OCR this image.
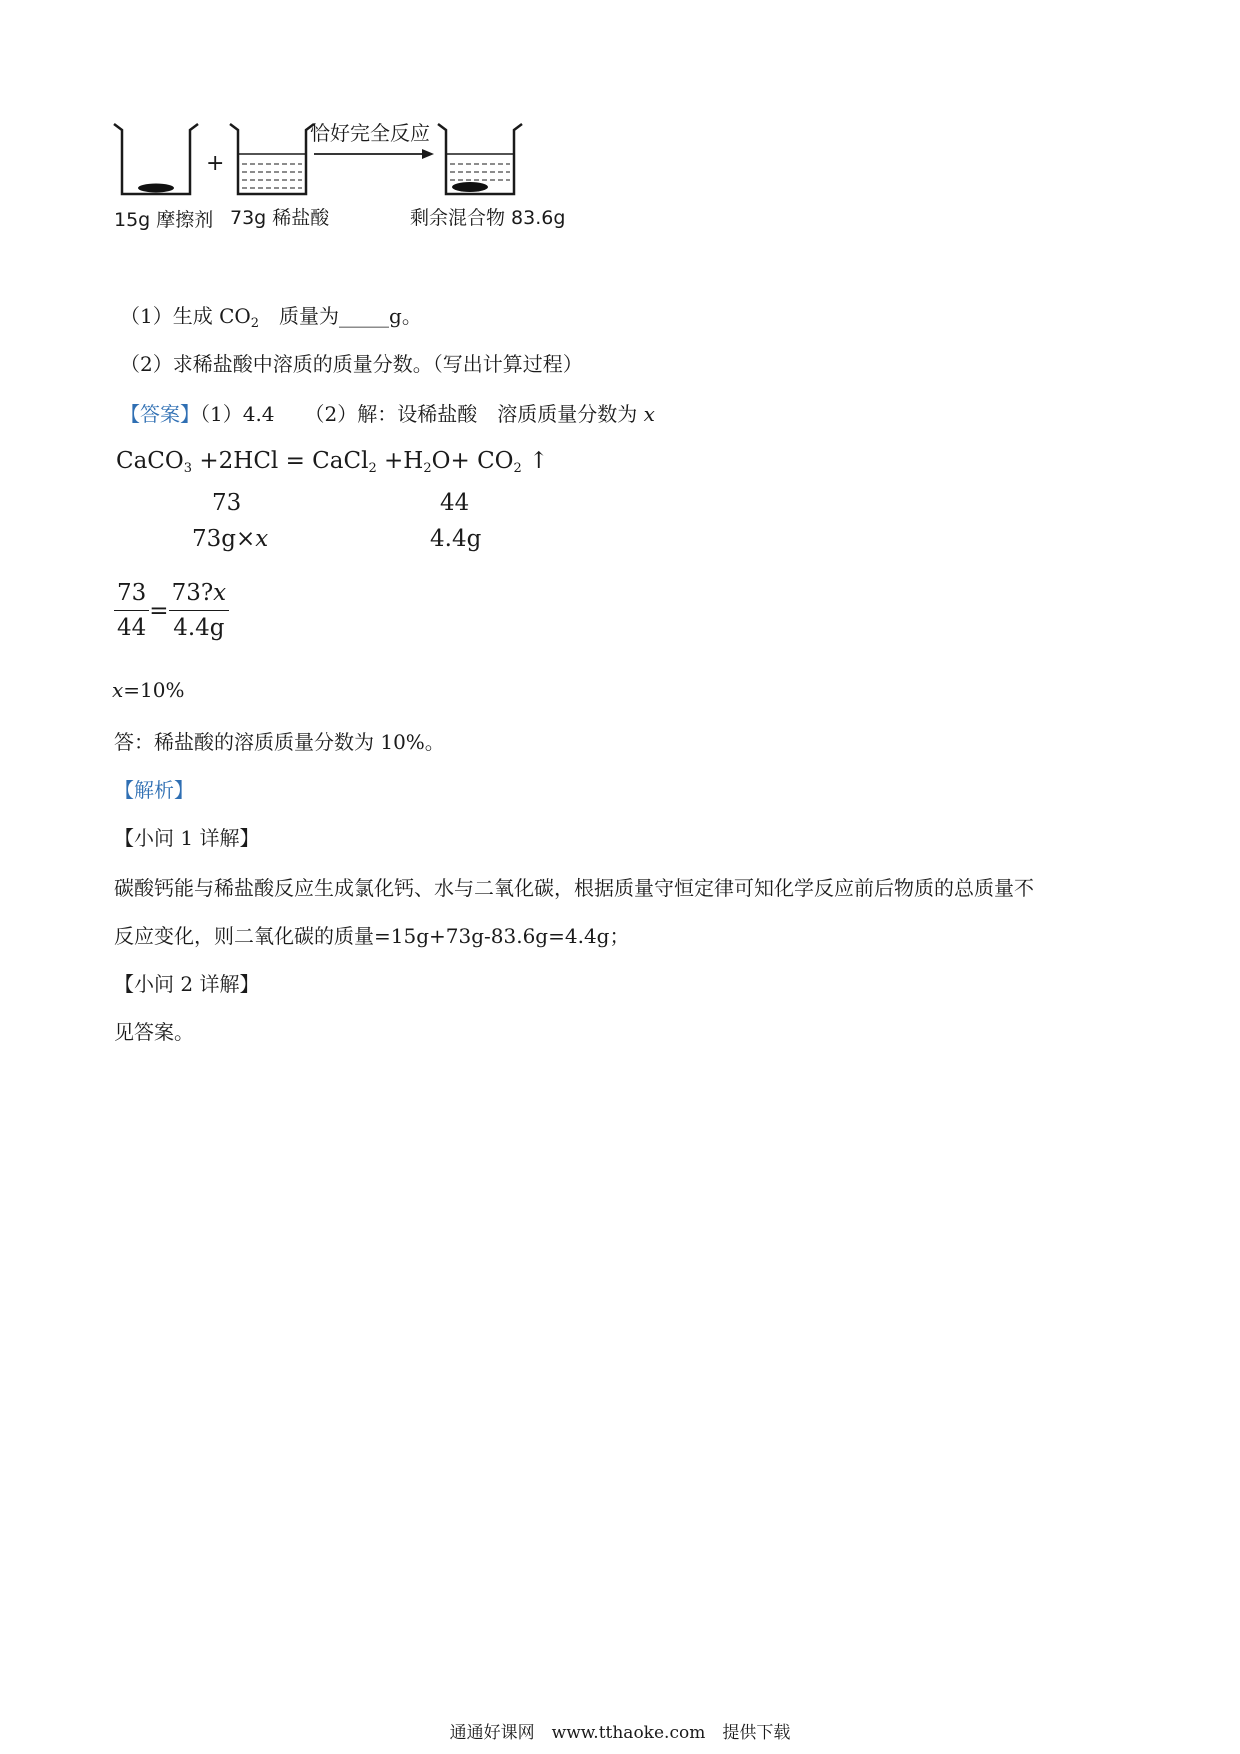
+
恰好完全反应
15g 摩擦剂 73g 稀盐酸	剩余混合物 83.6g
（1）生成 $CO_2$　质量为_____g。
（2）求稀盐酸中溶质的质量分数。（写出计算过程）
【答案】（1）4.4　　（2）解：设稀盐酸　溶质质量分数为 x
CaCO$_3$ +2HCl = CaCl$_2$ $+H_2O+ CO_2$ ↑
73	44
73g×x	4.4g
$\frac{73}{44} = \frac{73?x}{4.4g}$
x=10%
答：稀盐酸的溶质质量分数为 10%。
【解析】
【小问 1 详解】
碳酸钙能与稀盐酸反应生成氯化钙、水与二氧化碳，根据质量守恒定律可知化学反应前后物质的总质量不
反应变化，则二氧化碳的质量=15g+73g-83.6g=4.4g；
【小问 2 详解】
见答案。
通通好课网　www.tthaoke.com　提供下载
